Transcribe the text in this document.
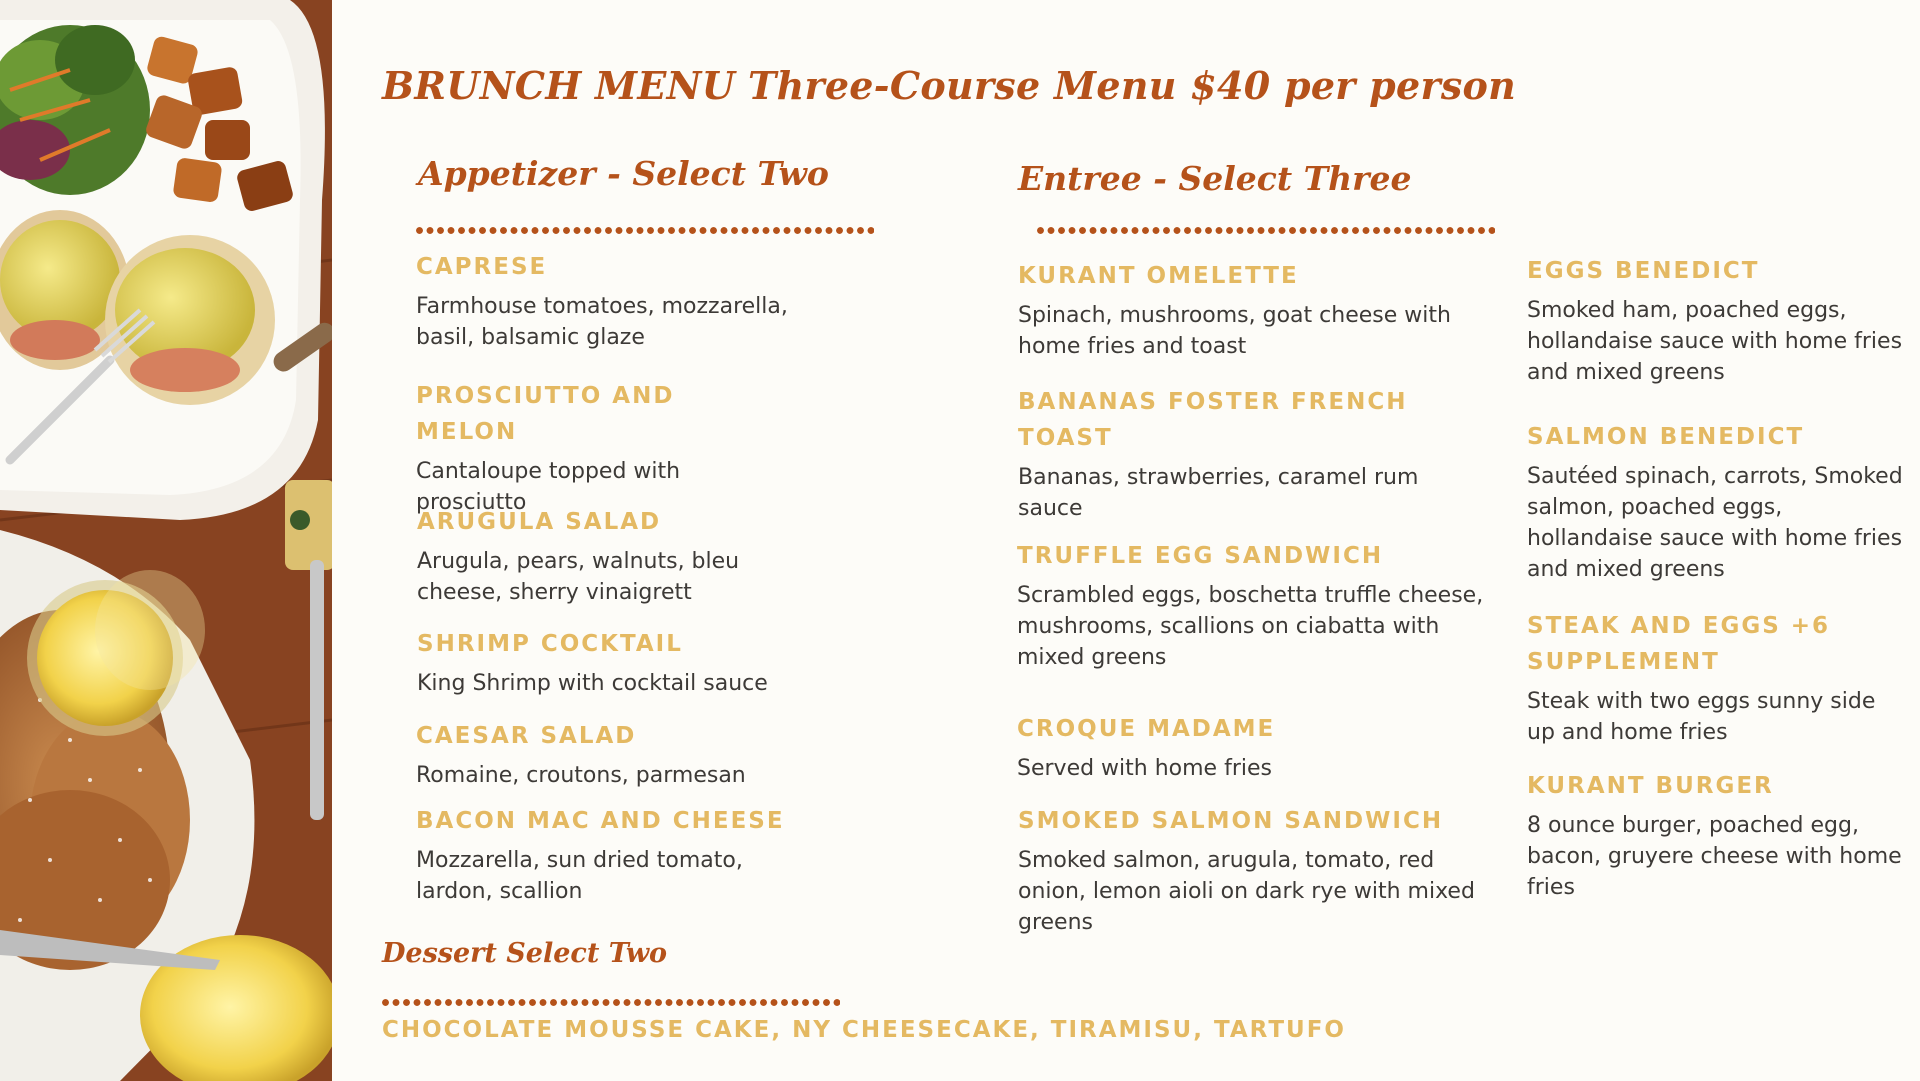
BRUNCH MENU Three-Course Menu $40 per person
Appetizer - Select Two
CAPRESE
Farmhouse tomatoes, mozzarella, basil, balsamic glaze
PROSCIUTTO AND MELON
Cantaloupe topped with prosciutto
ARUGULA SALAD
Arugula, pears, walnuts, bleu cheese, sherry vinaigrett
SHRIMP COCKTAIL
King Shrimp with cocktail sauce
CAESAR SALAD
Romaine, croutons, parmesan
BACON MAC AND CHEESE
Mozzarella, sun dried tomato, lardon, scallion
Entree - Select Three
KURANT OMELETTE
Spinach, mushrooms, goat cheese with home fries and toast
BANANAS FOSTER FRENCH TOAST
Bananas, strawberries, caramel rum sauce
TRUFFLE EGG SANDWICH
Scrambled eggs, boschetta truffle cheese, mushrooms, scallions on ciabatta with mixed greens
CROQUE MADAME
Served with home fries
SMOKED SALMON SANDWICH
Smoked salmon, arugula, tomato, red onion, lemon aioli on dark rye with mixed greens
EGGS BENEDICT
Smoked ham, poached eggs, hollandaise sauce with home fries and mixed greens
SALMON BENEDICT
Sautéed spinach, carrots, Smoked salmon, poached eggs, hollandaise sauce with home fries and mixed greens
STEAK AND EGGS +6 SUPPLEMENT
Steak with two eggs sunny side up and home fries
KURANT BURGER
8 ounce burger, poached egg, bacon, gruyere cheese with home fries
Dessert Select Two
CHOCOLATE MOUSSE CAKE, NY CHEESECAKE, TIRAMISU, TARTUFO
